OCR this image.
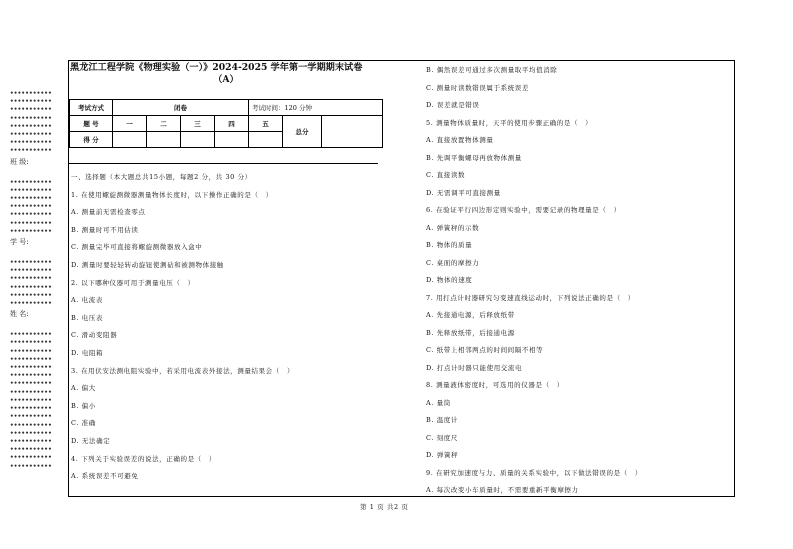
•••••••••••
•••••••••••
•••••••••••
•••••••••••
•••••••••••
•••••••••••
•••••••••••
•••••••••••
班 级:
•••••••••••
•••••••••••
•••••••••••
•••••••••••
•••••••••••
•••••••••••
•••••••••••
学 号:
•••••••••••
•••••••••••
•••••••••••
•••••••••••
•••••••••••
•••••••••••
姓 名:
•••••••••••
•••••••••••
•••••••••••
•••••••••••
•••••••••••
•••••••••••
•••••••••••
•••••••••••
•••••••••••
•••••••••••
•••••••••••
•••••••••••
•••••••••••
•••••••••••
•••••••••••
•••••••••••
•••••••••••
黑龙江工程学院《物理实验（一）》2024-2025 学年第一学期期末试卷
（A）
考试方式	闭卷				考试时间：120 分钟		
题 号	一	二	三	四	五	总分	
得 分							
一、选择题（本大题总共15小题，每题2 分，共 30 分）
1. 在使用螺旋测微器测量物体长度时，以下操作正确的是（　）
A. 测量前无需检查零点
B. 测量时可不用估读
C. 测量完毕可直接将螺旋测微器放入盒中
D. 测量时要轻轻转动旋钮使测砧和被测物体接触
2. 以下哪种仪器可用于测量电压（　）
A. 电流表
B. 电压表
C. 滑动变阻器
D. 电阻箱
3. 在用伏安法测电阻实验中，若采用电流表外接法，测量结果会（　）
A. 偏大
B. 偏小
C. 准确
D. 无法确定
4. 下列关于实验误差的说法，正确的是（　）
A. 系统误差不可避免
B. 偶然误差可通过多次测量取平均值消除
C. 测量时读数错误属于系统误差
D. 误差就是错误
5. 测量物体质量时，天平的使用步骤正确的是（　）
A. 直接放置物体测量
B. 先调平衡螺母再放物体测量
C. 直接读数
D. 无需调平可直接测量
6. 在验证平行四边形定则实验中，需要记录的物理量是（　）
A. 弹簧秤的示数
B. 物体的质量
C. 桌面的摩擦力
D. 物体的速度
7. 用打点计时器研究匀变速直线运动时，下列说法正确的是（　）
A. 先接通电源，后释放纸带
B. 先释放纸带，后接通电源
C. 纸带上相邻两点的时间间隔不相等
D. 打点计时器只能使用交流电
8. 测量液体密度时，可选用的仪器是（　）
A. 量筒
B. 温度计
C. 刻度尺
D. 弹簧秤
9. 在研究加速度与力、质量的关系实验中，以下做法错误的是（　）
A. 每次改变小车质量时，不需要重新平衡摩擦力
第 1 页 共2 页
